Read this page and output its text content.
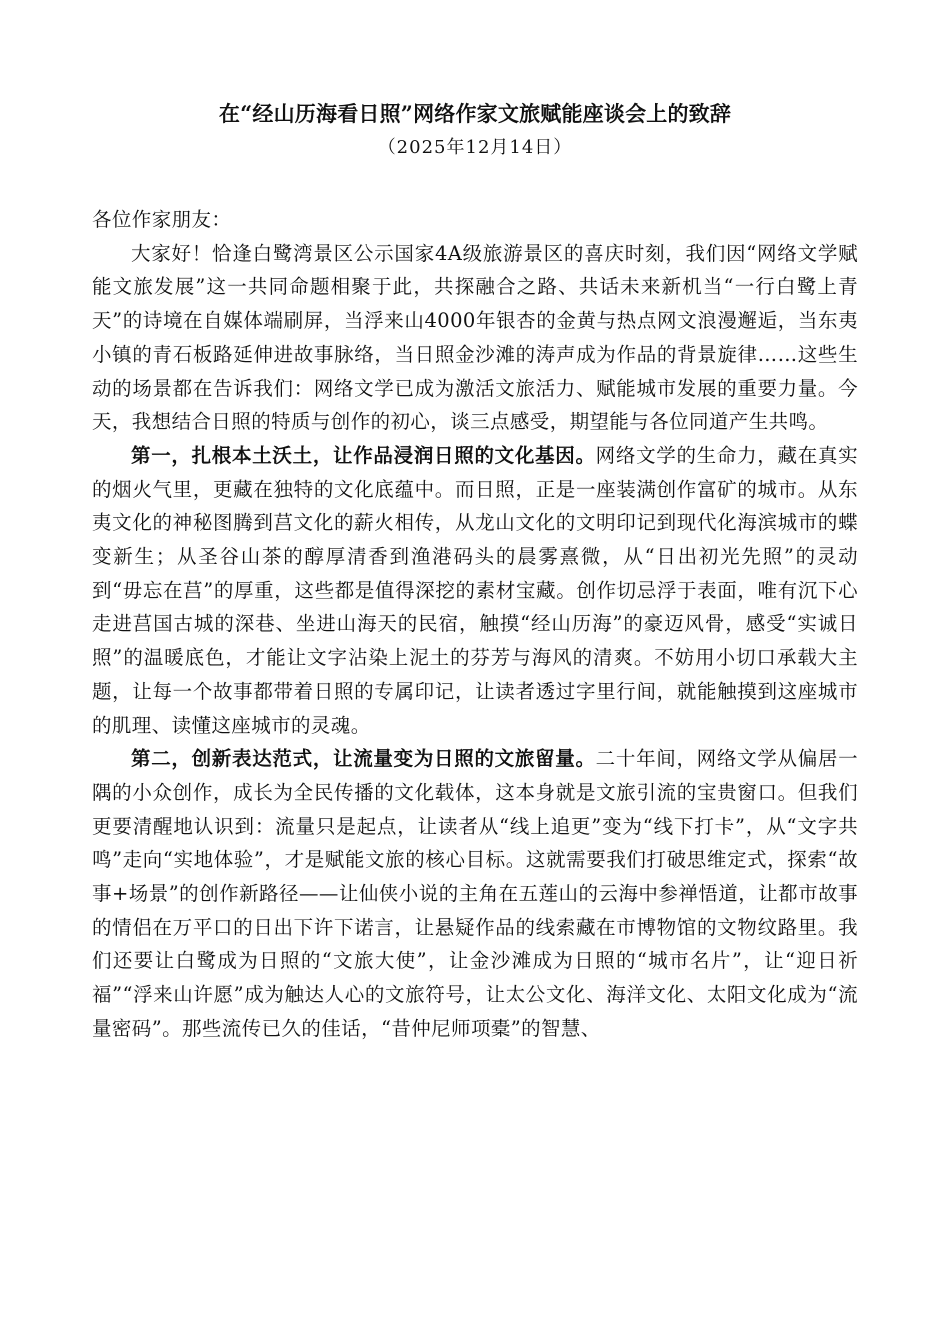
在“经山历海看日照”网络作家文旅赋能座谈会上的致辞
（2025年12月14日）

各位作家朋友：

大家好！恰逢白鹭湾景区公示国家4A级旅游景区的喜庆时刻，我们因“网络文学赋能文旅发展”这一共同命题相聚于此，共探融合之路、共话未来新机当“一行白鹭上青天”的诗境在自媒体端刷屏，当浮来山4000年银杏的金黄与热点网文浪漫邂逅，当东夷小镇的青石板路延伸进故事脉络，当日照金沙滩的涛声成为作品的背景旋律……这些生动的场景都在告诉我们：网络文学已成为激活文旅活力、赋能城市发展的重要力量。今天，我想结合日照的特质与创作的初心，谈三点感受，期望能与各位同道产生共鸣。

第一，扎根本土沃土，让作品浸润日照的文化基因。网络文学的生命力，藏在真实的烟火气里，更藏在独特的文化底蕴中。而日照，正是一座装满创作富矿的城市。从东夷文化的神秘图腾到莒文化的薪火相传，从龙山文化的文明印记到现代化海滨城市的蝶变新生；从圣谷山茶的醇厚清香到渔港码头的晨雾熹微，从“日出初光先照”的灵动到“毋忘在莒”的厚重，这些都是值得深挖的素材宝藏。创作切忌浮于表面，唯有沉下心走进莒国古城的深巷、坐进山海天的民宿，触摸“经山历海”的豪迈风骨，感受“实诚日照”的温暖底色，才能让文字沾染上泥土的芬芳与海风的清爽。不妨用小切口承载大主题，让每一个故事都带着日照的专属印记，让读者透过字里行间，就能触摸到这座城市的肌理、读懂这座城市的灵魂。

第二，创新表达范式，让流量变为日照的文旅留量。二十年间，网络文学从偏居一隅的小众创作，成长为全民传播的文化载体，这本身就是文旅引流的宝贵窗口。但我们更要清醒地认识到：流量只是起点，让读者从“线上追更”变为“线下打卡”，从“文字共鸣”走向“实地体验”，才是赋能文旅的核心目标。这就需要我们打破思维定式，探索“故事+场景”的创作新路径——让仙侠小说的主角在五莲山的云海中参禅悟道，让都市故事的情侣在万平口的日出下许下诺言，让悬疑作品的线索藏在市博物馆的文物纹路里。我们还要让白鹭成为日照的“文旅大使”，让金沙滩成为日照的“城市名片”，让“迎日祈福”“浮来山许愿”成为触达人心的文旅符号，让太公文化、海洋文化、太阳文化成为“流量密码”。那些流传已久的佳话，“昔仲尼师项橐”的智慧、
